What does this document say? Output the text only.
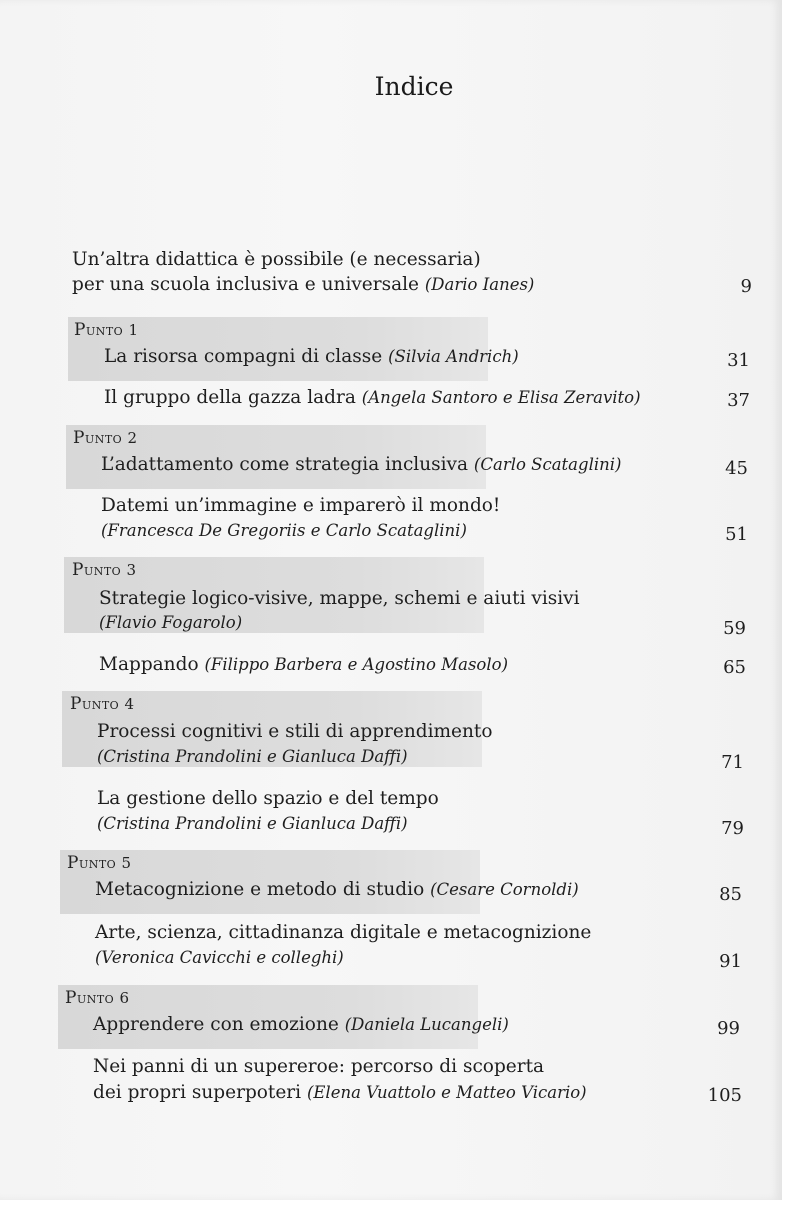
Indice
Un’altra didattica è possibile (e necessaria)
per una scuola inclusiva e universale (Dario Ianes)	9
Punto 1
La risorsa compagni di classe (Silvia Andrich)	31
Il gruppo della gazza ladra (Angela Santoro e Elisa Zeravito)	37
Punto 2
L’adattamento come strategia inclusiva (Carlo Scataglini)	45
Datemi un’immagine e imparerò il mondo!
(Francesca De Gregoriis e Carlo Scataglini)	51
Punto 3
Strategie logico-visive, mappe, schemi e aiuti visivi
(Flavio Fogarolo)	59
Mappando (Filippo Barbera e Agostino Masolo)	65
Punto 4
Processi cognitivi e stili di apprendimento
(Cristina Prandolini e Gianluca Daffi)	71
La gestione dello spazio e del tempo
(Cristina Prandolini e Gianluca Daffi)	79
Punto 5
Metacognizione e metodo di studio (Cesare Cornoldi)	85
Arte, scienza, cittadinanza digitale e metacognizione
(Veronica Cavicchi e colleghi)	91
Punto 6
Apprendere con emozione (Daniela Lucangeli)	99
Nei panni di un supereroe: percorso di scoperta
dei propri superpoteri (Elena Vuattolo e Matteo Vicario)	105
